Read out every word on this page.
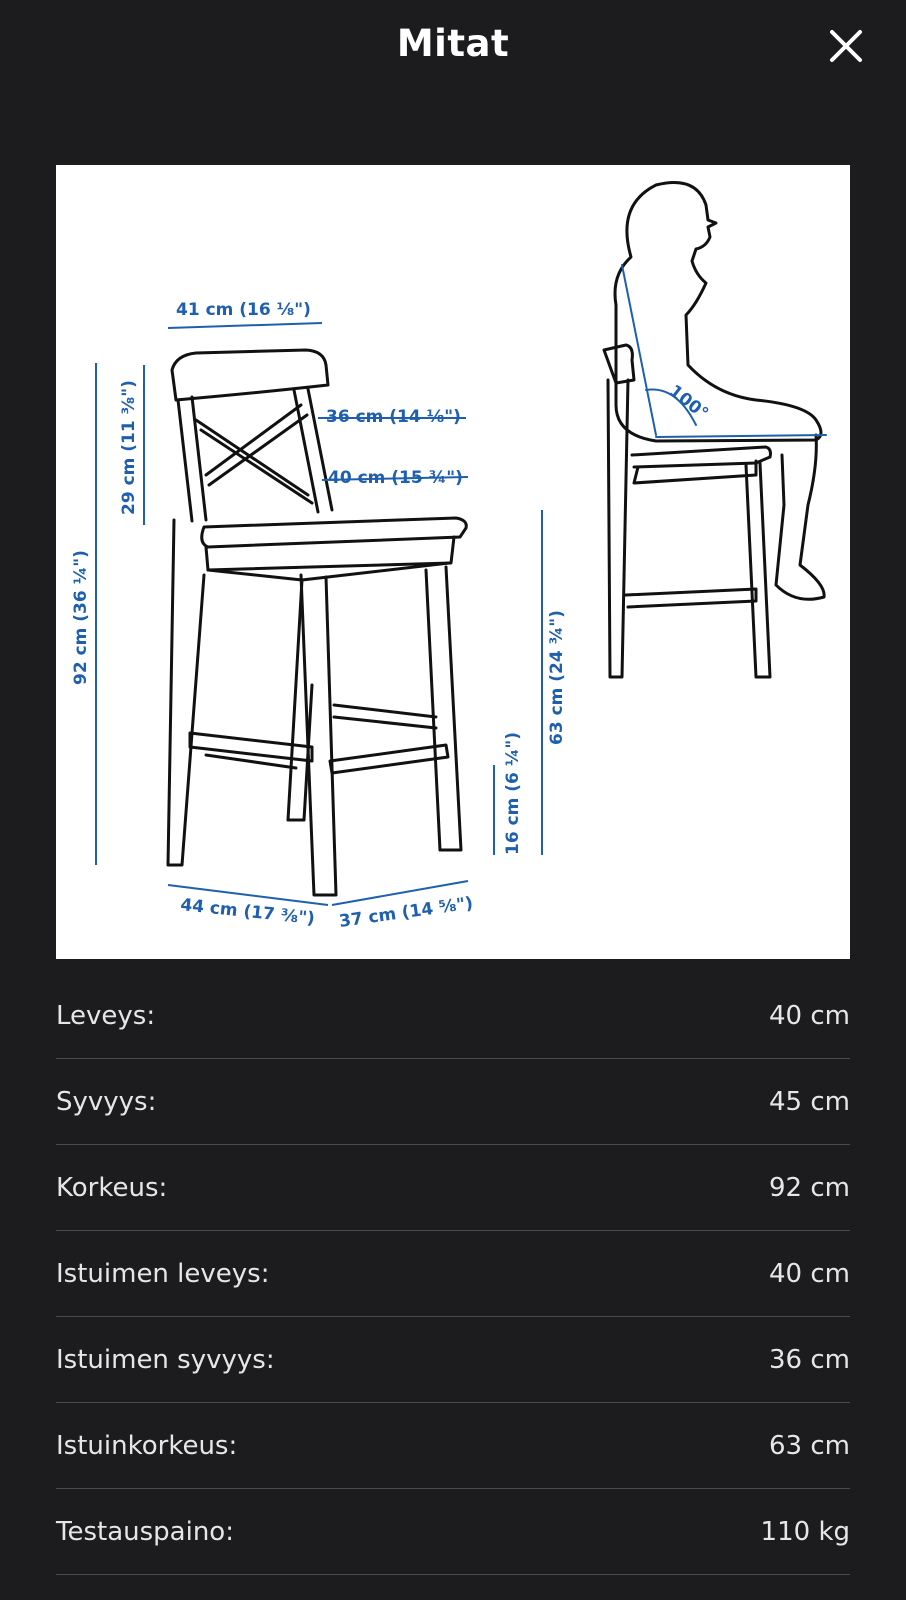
Mitat
41 cm (16 ⅛")
36 cm (14 ⅛")
40 cm (15 ¾")
29 cm (11 ⅜")
92 cm (36 ¼")	63 cm (24 ¾")
16 cm (6 ¼")
44 cm (17 ⅜") 37 cm (14 ⅝")
100°
Leveys:	40 cm
Syvyys:	45 cm
Korkeus:	92 cm
Istuimen leveys:	40 cm
Istuimen syvyys:	36 cm
Istuinkorkeus:	63 cm
Testauspaino:	110 kg
